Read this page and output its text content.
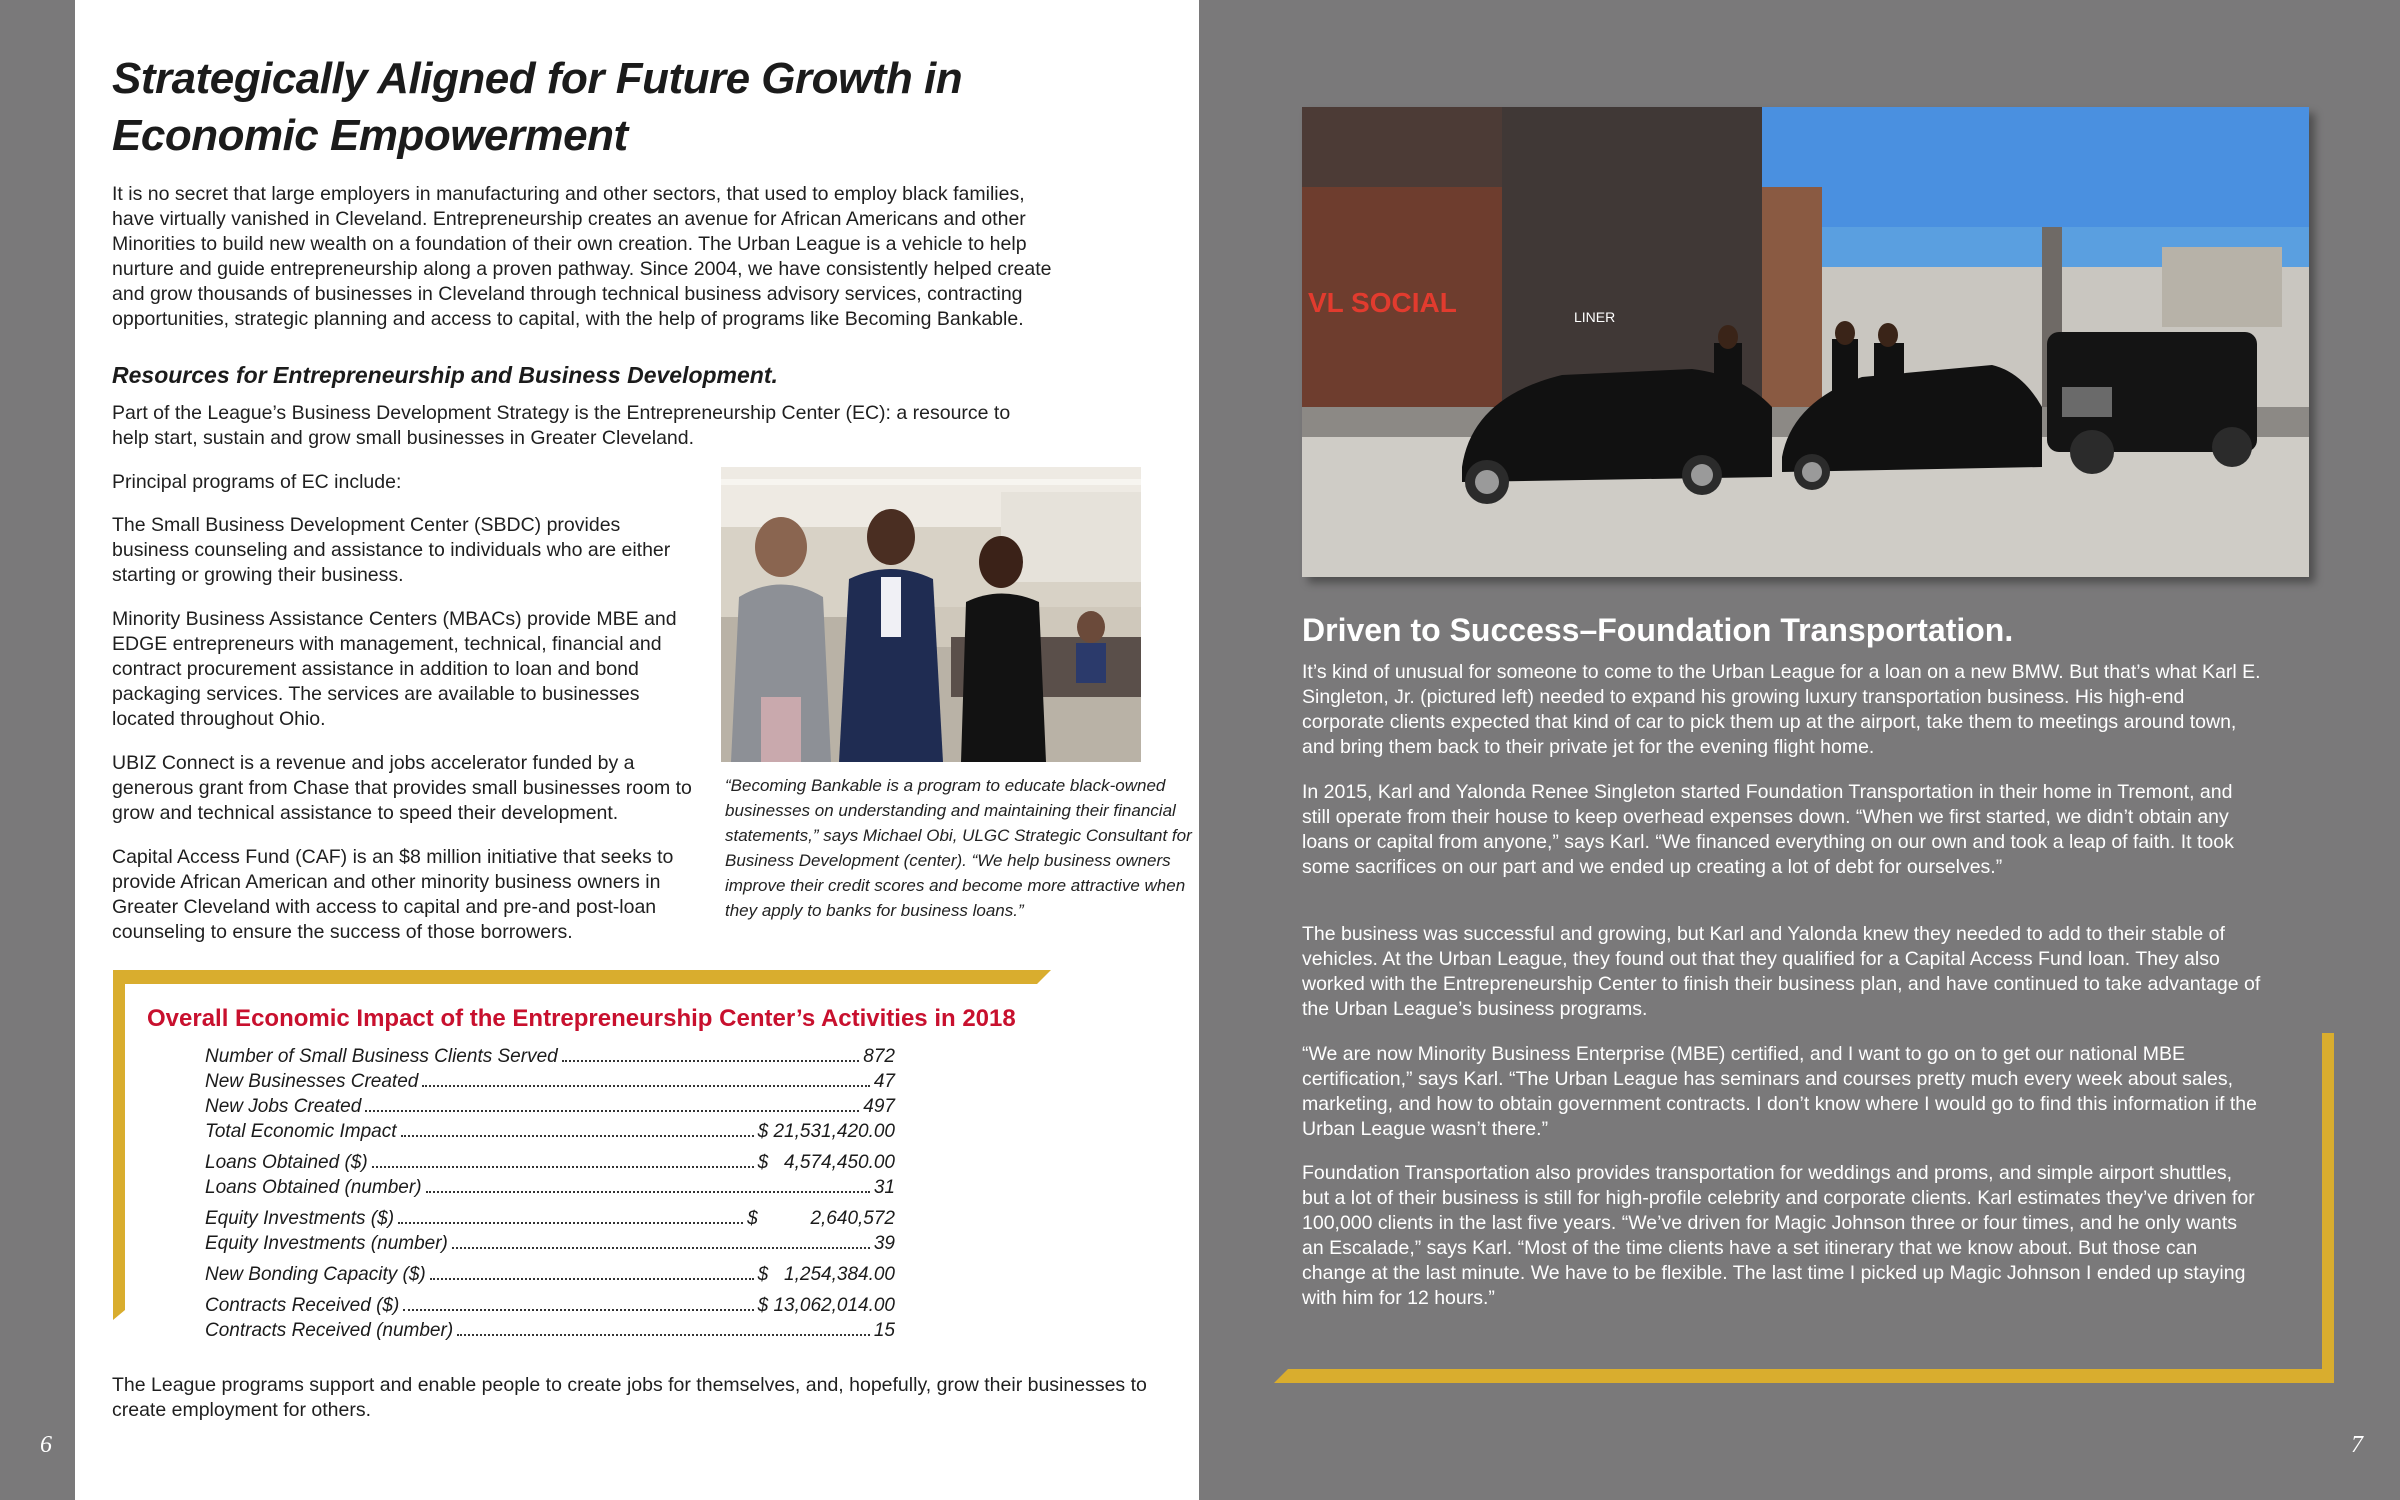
6
Strategically Aligned for Future Growth in Economic Empowerment

It is no secret that large employers in manufacturing and other sectors, that used to employ black families, have virtually vanished in Cleveland. Entrepreneurship creates an avenue for African Americans and other Minorities to build new wealth on a foundation of their own creation. The Urban League is a vehicle to help nurture and guide entrepreneurship along a proven pathway. Since 2004, we have consistently helped create and grow thousands of businesses in Cleveland through technical business advisory services, contracting opportunities, strategic planning and access to capital, with the help of programs like Becoming Bankable.

Resources for Entrepreneurship and Business Development.

Part of the League’s Business Development Strategy is the Entrepreneurship Center (EC): a resource to help start, sustain and grow small businesses in Greater Cleveland.

Principal programs of EC include:

The Small Business Development Center (SBDC) provides business counseling and assistance to individuals who are either starting or growing their business.

Minority Business Assistance Centers (MBACs) provide MBE and EDGE entrepreneurs with management, technical, financial and contract procurement assistance in addition to loan and bond packaging services. The services are available to businesses located throughout Ohio.

UBIZ Connect is a revenue and jobs accelerator funded by a generous grant from Chase that provides small businesses room to grow and technical assistance to speed their development.

Capital Access Fund (CAF) is an $8 million initiative that seeks to provide African American and other minority business owners in Greater Cleveland with access to capital and pre-and post-loan counseling to ensure the success of those borrowers.

“Becoming Bankable is a program to educate black-owned businesses on understanding and maintaining their financial statements,” says Michael Obi, ULGC Strategic Consultant for Business Development (center). “We help business owners improve their credit scores and become more attractive when they apply to banks for business loans.”

Overall Economic Impact of the Entrepreneurship Center’s Activities in 2018
Number of Small Business Clients Served	872
New Businesses Created	47
New Jobs Created	497
Total Economic Impact	$ 21,531,420.00
Loans Obtained ($)	$   4,574,450.00
Loans Obtained (number)	31
Equity Investments ($)	$          2,640,572
Equity Investments (number)	39
New Bonding Capacity ($)	$   1,254,384.00
Contracts Received ($)	$ 13,062,014.00
Contracts Received (number)	15

The League programs support and enable people to create jobs for themselves, and, hopefully, grow their businesses to create employment for others.

VL SOCIAL	LINER
Driven to Success–Foundation Transportation.

It’s kind of unusual for someone to come to the Urban League for a loan on a new BMW. But that’s what Karl E. Singleton, Jr. (pictured left) needed to expand his growing luxury transportation business. His high-end corporate clients expected that kind of car to pick them up at the airport, take them to meetings around town, and bring them back to their private jet for the evening flight home.

In 2015, Karl and Yalonda Renee Singleton started Foundation Transportation in their home in Tremont, and still operate from their house to keep overhead expenses down. “When we first started, we didn’t obtain any loans or capital from anyone,” says Karl. “We financed everything on our own and took a leap of faith. It took some sacrifices on our part and we ended up creating a lot of debt for ourselves.”

The business was successful and growing, but Karl and Yalonda knew they needed to add to their stable of vehicles. At the Urban League, they found out that they qualified for a Capital Access Fund loan. They also worked with the Entrepreneurship Center to finish their business plan, and have continued to take advantage of the Urban League’s business programs.

“We are now Minority Business Enterprise (MBE) certified, and I want to go on to get our national MBE certification,” says Karl. “The Urban League has seminars and courses pretty much every week about sales, marketing, and how to obtain government contracts. I don’t know where I would go to find this information if the Urban League wasn’t there.”

Foundation Transportation also provides transportation for weddings and proms, and simple airport shuttles, but a lot of their business is still for high-profile celebrity and corporate clients. Karl estimates they’ve driven for 100,000 clients in the last five years. “We’ve driven for Magic Johnson three or four times, and he only wants an Escalade,” says Karl. “Most of the time clients have a set itinerary that we know about. But those can change at the last minute. We have to be flexible. The last time I picked up Magic Johnson I ended up staying with him for 12 hours.”

7
